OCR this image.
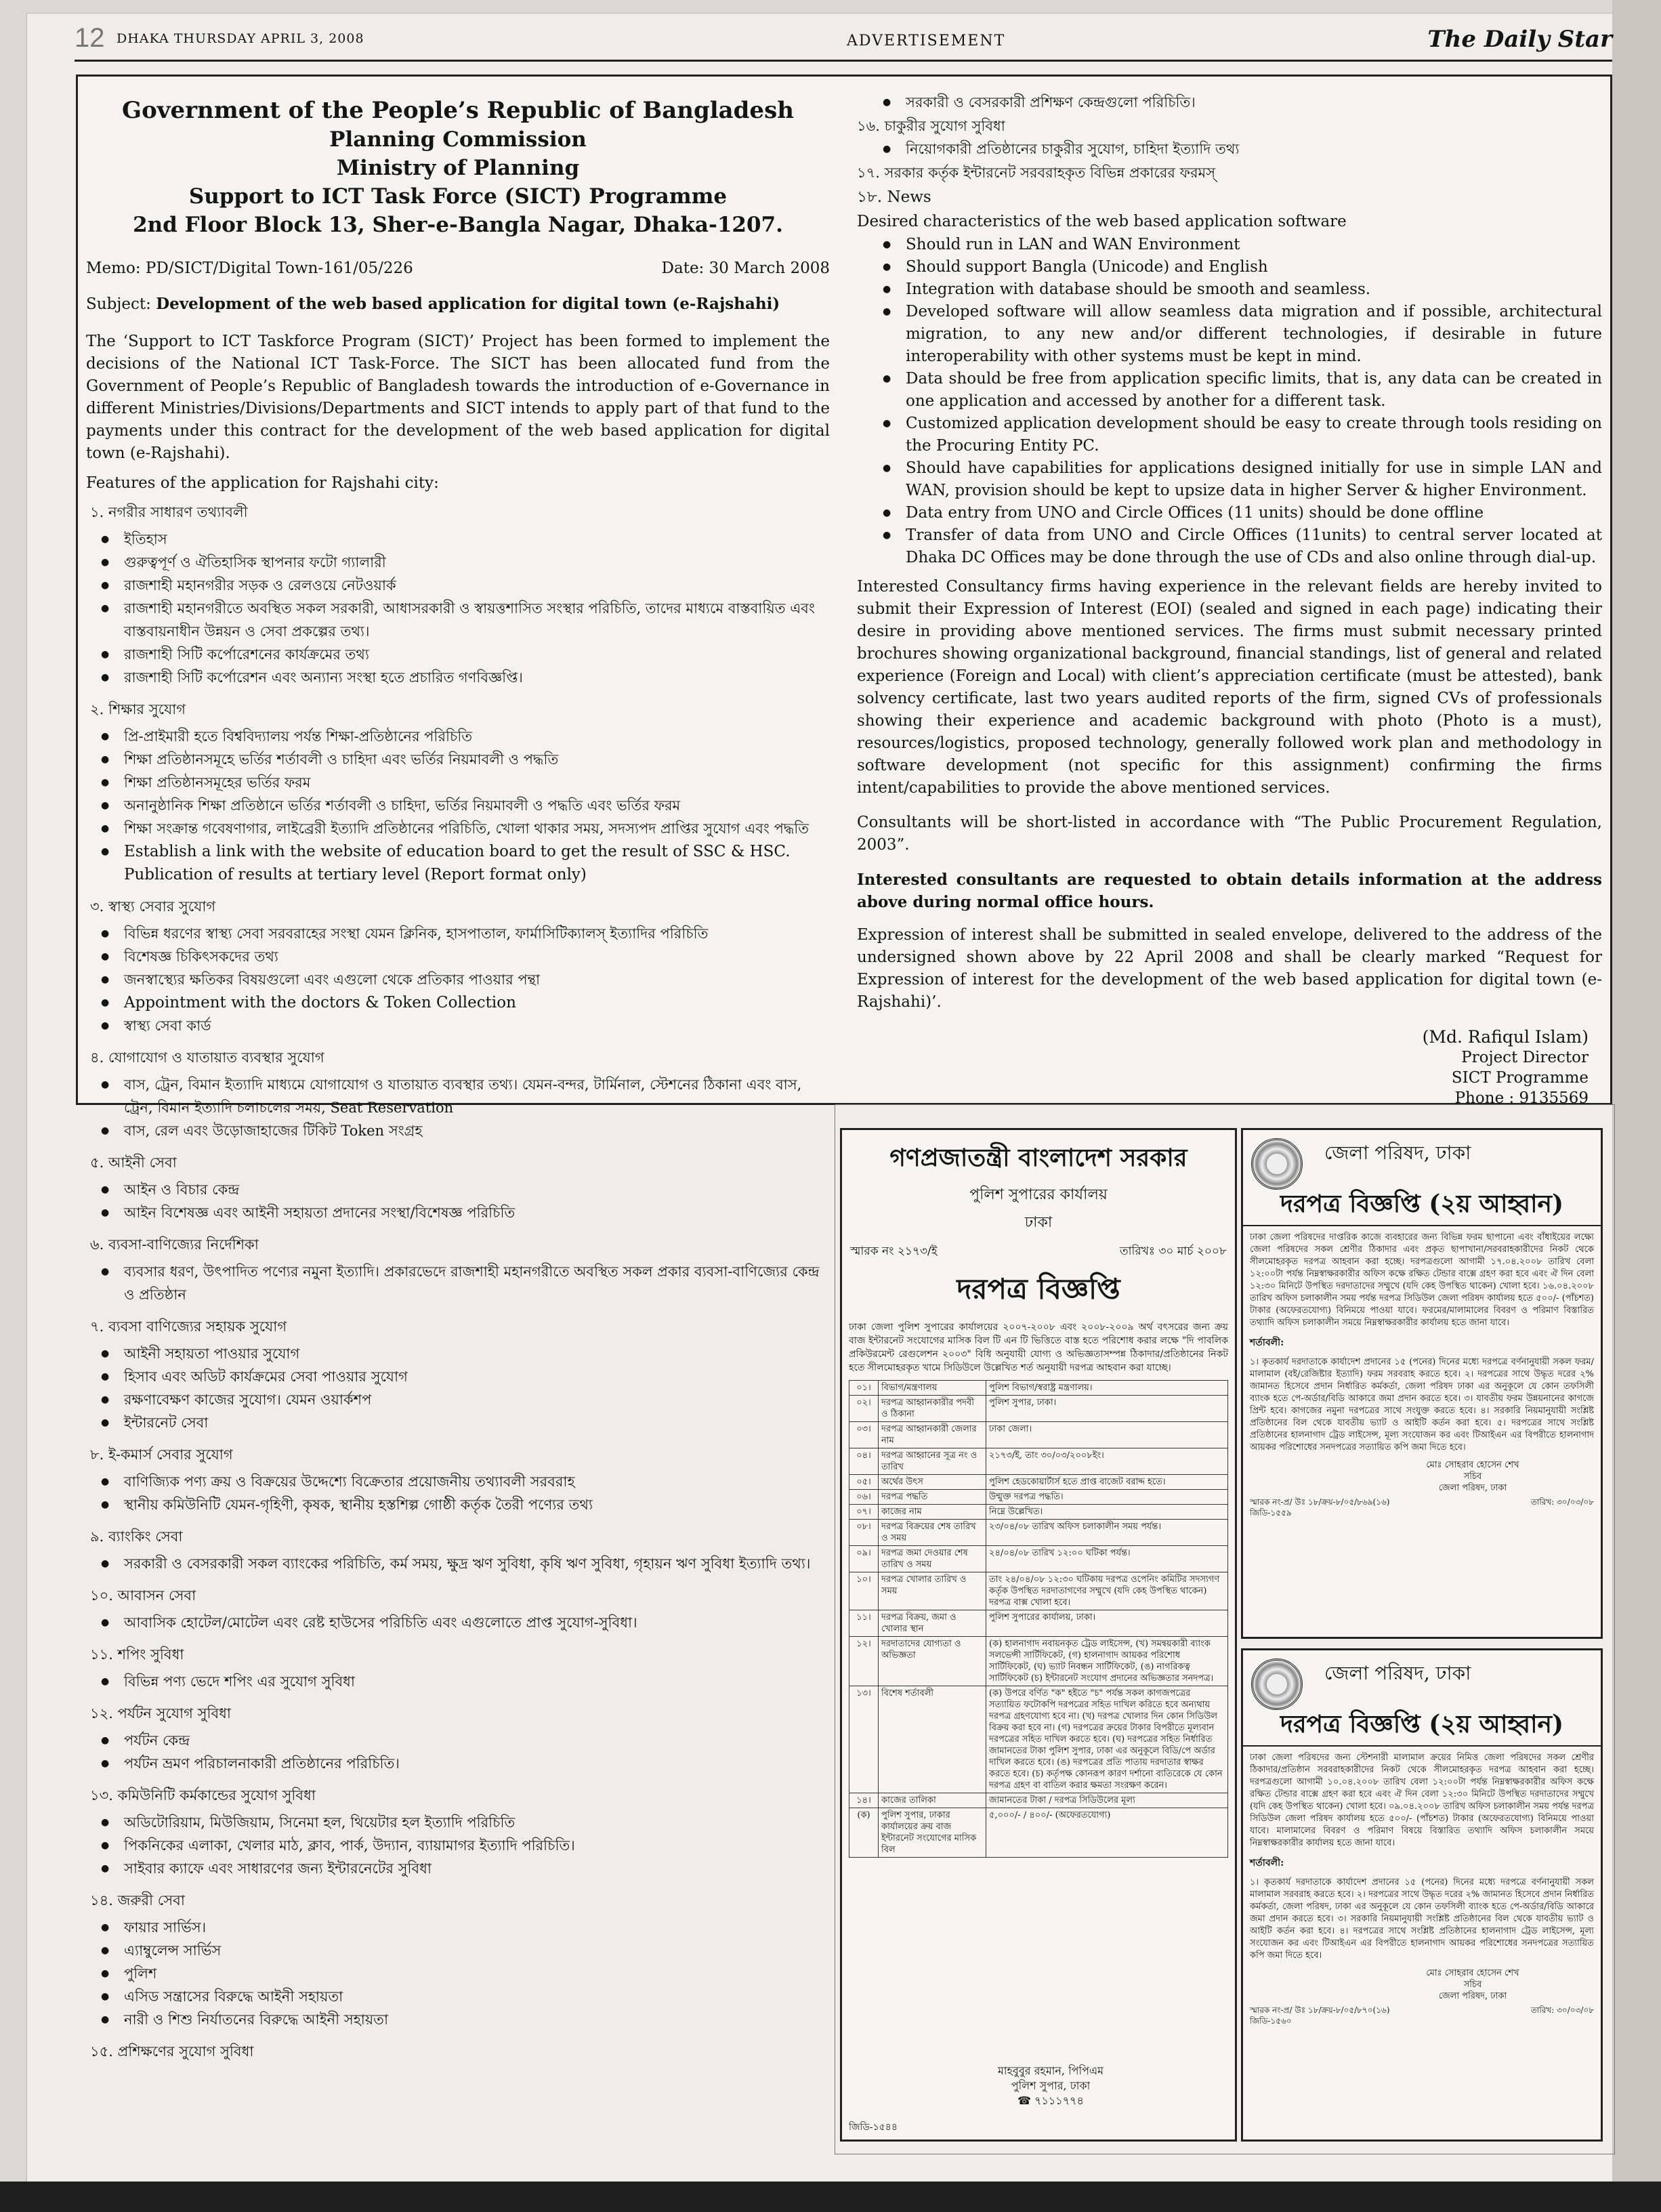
12 DHAKA THURSDAY APRIL 3, 2008	ADVERTISEMENT	The Daily Star
Government of the People’s Republic of Bangladesh
Planning Commission
Ministry of Planning
Support to ICT Task Force (SICT) Programme
2nd Floor Block 13, Sher-e-Bangla Nagar, Dhaka-1207.
Memo: PD/SICT/Digital Town-161/05/226	Date: 30 March 2008
Subject: Development of the web based application for digital town (e-Rajshahi)

The ‘Support to ICT Taskforce Program (SICT)’ Project has been formed to implement the decisions of the National ICT Task-Force. The SICT has been allocated fund from the Government of People’s Republic of Bangladesh towards the introduction of e-Governance in different Ministries/Divisions/Departments and SICT intends to apply part of that fund to the payments under this contract for the development of the web based application for digital town (e-Rajshahi).

Features of the application for Rajshahi city:
১. নগরীর সাধারণ তথ্যাবলী
● ইতিহাস
● গুরুত্বপূর্ণ ও ঐতিহাসিক স্থাপনার ফটো গ্যালারী
● রাজশাহী মহানগরীর সড়ক ও রেলওয়ে নেটওয়ার্ক
● রাজশাহী মহানগরীতে অবস্থিত সকল সরকারী, আধাসরকারী ও স্বায়ত্তশাসিত সংস্থার পরিচিতি, তাদের মাধ্যমে বাস্তবায়িত এবং বাস্তবায়নাধীন উন্নয়ন ও সেবা প্রকল্পের তথ্য।
● রাজশাহী সিটি কর্পোরেশনের কার্যক্রমের তথ্য
● রাজশাহী সিটি কর্পোরেশন এবং অন্যান্য সংস্থা হতে প্রচারিত গণবিজ্ঞপ্তি।
২. শিক্ষার সুযোগ
● প্রি-প্রাইমারী হতে বিশ্ববিদ্যালয় পর্যন্ত শিক্ষা-প্রতিষ্ঠানের পরিচিতি
● শিক্ষা প্রতিষ্ঠানসমূহে ভর্তির শর্তাবলী ও চাহিদা এবং ভর্তির নিয়মাবলী ও পদ্ধতি
● শিক্ষা প্রতিষ্ঠানসমূহের ভর্তির ফরম
● অনানুষ্ঠানিক শিক্ষা প্রতিষ্ঠানে ভর্তির শর্তাবলী ও চাহিদা, ভর্তির নিয়মাবলী ও পদ্ধতি এবং ভর্তির ফরম
● শিক্ষা সংক্রান্ত গবেষণাগার, লাইব্রেরী ইত্যাদি প্রতিষ্ঠানের পরিচিতি, খোলা থাকার সময়, সদস্যপদ প্রাপ্তির সুযোগ এবং পদ্ধতি
● Establish a link with the website of education board to get the result of SSC & HSC. Publication of results at tertiary level (Report format only)
৩. স্বাস্থ্য সেবার সুযোগ
● বিভিন্ন ধরণের স্বাস্থ্য সেবা সরবরাহের সংস্থা যেমন ক্লিনিক, হাসপাতাল, ফার্মাসিটিক্যালস্ ইত্যাদির পরিচিতি
● বিশেষজ্ঞ চিকিৎসকদের তথ্য
● জনস্বাস্থ্যের ক্ষতিকর বিষয়গুলো এবং এগুলো থেকে প্রতিকার পাওয়ার পন্থা
● Appointment with the doctors & Token Collection
● স্বাস্থ্য সেবা কার্ড
৪. যোগাযোগ ও যাতায়াত ব্যবস্থার সুযোগ
● বাস, ট্রেন, বিমান ইত্যাদি মাধ্যমে যোগাযোগ ও যাতায়াত ব্যবস্থার তথ্য। যেমন-বন্দর, টার্মিনাল, স্টেশনের ঠিকানা এবং বাস, ট্রেন, বিমান ইত্যাদি চলাচলের সময়, Seat Reservation
● বাস, রেল এবং উড়োজাহাজের টিকিট Token সংগ্রহ
৫. আইনী সেবা
● আইন ও বিচার কেন্দ্র
● আইন বিশেষজ্ঞ এবং আইনী সহায়তা প্রদানের সংস্থা/বিশেষজ্ঞ পরিচিতি
৬. ব্যবসা-বাণিজ্যের নির্দেশিকা
● ব্যবসার ধরণ, উৎপাদিত পণ্যের নমুনা ইত্যাদি। প্রকারভেদে রাজশাহী মহানগরীতে অবস্থিত সকল প্রকার ব্যবসা-বাণিজ্যের কেন্দ্র ও প্রতিষ্ঠান
৭. ব্যবসা বাণিজ্যের সহায়ক সুযোগ
● আইনী সহায়তা পাওয়ার সুযোগ
● হিসাব এবং অডিট কার্যক্রমের সেবা পাওয়ার সুযোগ
● রক্ষণাবেক্ষণ কাজের সুযোগ। যেমন ওয়ার্কশপ
● ইন্টারনেট সেবা
৮. ই-কমার্স সেবার সুযোগ
● বাণিজ্যিক পণ্য ক্রয় ও বিক্রয়ের উদ্দেশ্যে বিক্রেতার প্রয়োজনীয় তথ্যাবলী সরবরাহ
● স্থানীয় কমিউনিটি যেমন-গৃহিণী, কৃষক, স্থানীয় হস্তশিল্প গোষ্ঠী কর্তৃক তৈরী পণ্যের তথ্য
৯. ব্যাংকিং সেবা
● সরকারী ও বেসরকারী সকল ব্যাংকের পরিচিতি, কর্ম সময়, ক্ষুদ্র ঋণ সুবিধা, কৃষি ঋণ সুবিধা, গৃহায়ন ঋণ সুবিধা ইত্যাদি তথ্য।
১০. আবাসন সেবা
● আবাসিক হোটেল/মোটেল এবং রেষ্ট হাউসের পরিচিতি এবং এগুলোতে প্রাপ্ত সুযোগ-সুবিধা।
১১. শপিং সুবিধা
● বিভিন্ন পণ্য ভেদে শপিং এর সুযোগ সুবিধা
১২. পর্যটন সুযোগ সুবিধা
● পর্যটন কেন্দ্র
● পর্যটন ভ্রমণ পরিচালনাকারী প্রতিষ্ঠানের পরিচিতি।
১৩. কমিউনিটি কর্মকান্ডের সুযোগ সুবিধা
● অডিটোরিয়াম, মিউজিয়াম, সিনেমা হল, থিয়েটার হল ইত্যাদি পরিচিতি
● পিকনিকের এলাকা, খেলার মাঠ, ক্লাব, পার্ক, উদ্যান, ব্যায়ামাগর ইত্যাদি পরিচিতি।
● সাইবার ক্যাফে এবং সাধারণের জন্য ইন্টারনেটের সুবিধা
১৪. জরুরী সেবা
● ফায়ার সার্ভিস।
● এ্যাম্বুলেন্স সার্ভিস
● পুলিশ
● এসিড সন্ত্রাসের বিরুদ্ধে আইনী সহায়তা
● নারী ও শিশু নির্যাতনের বিরুদ্ধে আইনী সহায়তা
১৫. প্রশিক্ষণের সুযোগ সুবিধা
● সরকারী ও বেসরকারী প্রশিক্ষণ কেন্দ্রগুলো পরিচিতি।
১৬. চাকুরীর সুযোগ সুবিধা
● নিয়োগকারী প্রতিষ্ঠানের চাকুরীর সুযোগ, চাহিদা ইত্যাদি তথ্য
১৭. সরকার কর্তৃক ইন্টারনেট সরবরাহকৃত বিভিন্ন প্রকারের ফরমস্
১৮. News
Desired characteristics of the web based application software
● Should run in LAN and WAN Environment
● Should support Bangla (Unicode) and English
● Integration with database should be smooth and seamless.
● Developed software will allow seamless data migration and if possible, architectural migration, to any new and/or different technologies, if desirable in future interoperability with other systems must be kept in mind.
● Data should be free from application specific limits, that is, any data can be created in one application and accessed by another for a different task.
● Customized application development should be easy to create through tools residing on the Procuring Entity PC.
● Should have capabilities for applications designed initially for use in simple LAN and WAN, provision should be kept to upsize data in higher Server & higher Environment.
● Data entry from UNO and Circle Offices (11 units) should be done offline
● Transfer of data from UNO and Circle Offices (11units) to central server located at Dhaka DC Offices may be done through the use of CDs and also online through dial-up.

Interested Consultancy firms having experience in the relevant fields are hereby invited to submit their Expression of Interest (EOI) (sealed and signed in each page) indicating their desire in providing above mentioned services. The firms must submit necessary printed brochures showing organizational background, financial standings, list of general and related experience (Foreign and Local) with client’s appreciation certificate (must be attested), bank solvency certificate, last two years audited reports of the firm, signed CVs of professionals showing their experience and academic background with photo (Photo is a must), resources/logistics, proposed technology, generally followed work plan and methodology in software development (not specific for this assignment) confirming the firms intent/capabilities to provide the above mentioned services.

Consultants will be short-listed in accordance with “The Public Procurement Regulation, 2003”.

Interested consultants are requested to obtain details information at the address above during normal office hours.

Expression of interest shall be submitted in sealed envelope, delivered to the address of the undersigned shown above by 22 April 2008 and shall be clearly marked “Request for Expression of interest for the development of the web based application for digital town (e-Rajshahi)’.

(Md. Rafiqul Islam)
Project Director
SICT Programme
Phone : 9135569
গণপ্রজাতন্ত্রী বাংলাদেশ সরকার
পুলিশ সুপারের কার্যালয়
ঢাকা
স্মারক নং ২১৭৩/ই	তারিখঃ ৩০ মার্চ ২০০৮
দরপত্র বিজ্ঞপ্তি
ঢাকা জেলা পুলিশ সুপারের কার্যালয়ের ২০০৭-২০০৮ এবং ২০০৮-২০০৯ অর্থ বৎসরের জন্য ক্রয় বাজ ইন্টারনেট সংযোগের মাসিক বিল টি এন টি ভিত্তিতে বাস্ত হতে পরিশোধ করার লক্ষে "দি পাবলিক প্রকিউরমেন্ট রেগুলেশন ২০০৩" বিধি অনুযায়ী যোগ্য ও অভিজ্ঞতাসম্পন্ন ঠিকাদার/প্রতিষ্ঠানের নিকট হতে সীলমোহরকৃত খামে সিডিউলে উল্লেখিত শর্ত অনুযায়ী দরপত্র আহবান করা যাচ্ছে।
০১।	বিভাগ/মন্ত্রণালয়	পুলিশ বিভাগ/স্বরাষ্ট্র মন্ত্রণালয়।
০২।	দরপত্র আহ্বানকারীর পদবী ও ঠিকানা	পুলিশ সুপার, ঢাকা।
০৩।	দরপত্র আহ্বানকারী জেলার নাম	ঢাকা জেলা।
০৪।	দরপত্র আহ্বানের সূত্র নং ও তারিখ	২১৭৩/ই, তাং ৩০/০৩/২০০৮ইং।
০৫।	অর্থের উৎস	পুলিশ হেডকোয়ার্টার্স হতে প্রাপ্ত বাজেট বরাদ্দ হতে।
০৬।	দরপত্র পদ্ধতি	উন্মুক্ত দরপত্র পদ্ধতি।
০৭।	কাজের নাম	নিম্নে উল্লেখিত।
০৮।	দরপত্র বিক্রয়ের শেষ তারিখ ও সময়	২৩/০৪/০৮ তারিখ অফিস চলাকালীন সময় পর্যন্ত।
০৯।	দরপত্র জমা দেওয়ার শেষ তারিখ ও সময়	২৪/০৪/০৮ তারিখ ১২:০০ ঘটিকা পর্যন্ত।
১০।	দরপত্র খোলার তারিখ ও সময়	তাং ২৪/০৪/০৮ ১২:৩০ ঘটিকায় দরপত্র ওপেনিং কমিটির সদস্যগণ কর্তৃক উপস্থিত দরদাতাগণের সম্মুখে (যদি কেহ উপস্থিত থাকেন) দরপত্র বাক্স খোলা হবে।
১১।	দরপত্র বিক্রয়, জমা ও খোলার স্থান	পুলিশ সুপারের কার্যালয়, ঢাকা।
১২।	দরদাতাদের যোগ্যতা ও অভিজ্ঞতা	(ক) হালনাগাদ নবায়নকৃত ট্রেড লাইসেন্স, (খ) সমন্বয়কারী ব্যাংক সলভেন্সী সার্টিফিকেট, (গ) হালনাগাদ আয়কর পরিশোধ সার্টিফিকেট, (ঘ) ভ্যাট নিবন্ধন সার্টিফিকেট, (ঙ) নাগরিকত্ব সার্টিফিকেট (চ) ইন্টারনেট সংযোগ প্রদানের অভিজ্ঞতার সনদপত্র।
১৩।	বিশেষ শর্তাবলী	(ক) উপরে বর্ণিত "ক" হইতে "চ" পর্যন্ত সকল কাগজপত্রের সত্যায়িত ফটোকপি দরপত্রের সহিত দাখিল করিতে হবে অন্যথায় দরপত্র গ্রহণযোগ্য হবে না। (খ) দরপত্র খোলার দিন কোন সিডিউল বিক্রয় করা হবে না। (গ) দরপত্রের ক্রয়ের টাকার বিপরীতে মূল্যবান দরপত্রের সহিত দাখিল করতে হবে। (ঘ) দরপত্রের সহিত নির্ধারিত জামানতের টাকা পুলিশ সুপার, ঢাকা এর অনুকূলে বিডি/পে অর্ডার দাখিল করতে হবে। (ঙ) দরপত্রের প্রতি পাতায় দরদাতার স্বাক্ষর করতে হবে। (চ) কর্তৃপক্ষ কোনরূপ কারণ দর্শানো ব্যতিরেকে যে কোন দরপত্র গ্রহণ বা বাতিল করার ক্ষমতা সংরক্ষণ করেন।
১৪।	কাজের তালিকা	জামানতের টাকা / দরপত্র সিডিউলের মূল্য
(ক)	পুলিশ সুপার, ঢাকার কার্যালয়ের ক্রয় বাজ ইন্টারনেট সংযোগের মাসিক বিল	৫,০০০/- / ৪০০/- (অফেরতযোগ্য)
মাহবুবুর রহমান, পিপিএম
পুলিশ সুপার, ঢাকা
☎ ৭১১১৭৭৪
জিডি-১৫৪৪
জেলা পরিষদ, ঢাকা
দরপত্র বিজ্ঞপ্তি (২য় আহ্বান)
ঢাকা জেলা পরিষদের দাপ্তরিক কাজে ব্যবহারের জন্য বিভিন্ন ফরম ছাপানো এবং বাঁধাইয়ের লক্ষ্যে জেলা পরিষদের সকল শ্রেণীর ঠিকাদার এবং প্রকৃত ছাপাখানা/সরবরাহকারীদের নিকট থেকে সীলমোহরকৃত দরপত্র আহবান করা হচ্ছে। দরপত্রগুলো আগামী ১৭.০৪.২০০৮ তারিখ বেলা ১২:০০টা পর্যন্ত নিম্নস্বাক্ষরকারীর অফিস কক্ষে রক্ষিত টেন্ডার বাক্সে গ্রহণ করা হবে এবং ঐ দিন বেলা ১২:৩০ মিনিটে উপস্থিত দরদাতাদের সম্মুখে (যদি কেহ উপস্থিত থাকেন) খোলা হবে। ১৬.০৪.২০০৮ তারিখ অফিস চলাকালীন সময় পর্যন্ত দরপত্র সিডিউল জেলা পরিষদ কার্যালয় হতে ৫০০/- (পাঁচশত) টাকার (অফেরতযোগ্য) বিনিময়ে পাওয়া যাবে। ফরমের/মালামালের বিবরণ ও পরিমাণ বিস্তারিত তথ্যাদি অফিস চলাকালীন সময়ে নিম্নস্বাক্ষরকারীর কার্যালয় হতে জানা যাবে।
শর্তাবলী:
১। কৃতকার্য দরদাতাকে কার্যাদেশ প্রদানের ১৫ (পনের) দিনের মধ্যে দরপত্রে বর্ণনানুযায়ী সকল ফরম/মালামাল (বই/রেজিষ্টার ইত্যাদি) ফরম সরবরাহ করতে হবে। ২। দরপত্রের সাথে উদ্ধৃত দরের ২% জামানত হিসেবে প্রদান নির্ধারিত কর্মকর্তা, জেলা পরিষদ ঢাকা এর অনুকূলে যে কোন তফসিলী ব্যাংক হতে পে-অর্ডার/বিডি আকারে জমা প্রদান করতে হবে। ৩। যাবতীয় ফরম উন্নয়নানের কাগজে প্রিন্ট হবে। কাগজের নমুনা দরপত্রের সাথে সংযুক্ত করতে হবে। ৪। সরকারি নিয়মানুযায়ী সংশ্লিষ্ট প্রতিষ্ঠানের বিল থেকে যাবতীয় ভ্যাট ও আইটি কর্তন করা হবে। ৫। দরপত্রের সাথে সংশ্লিষ্ট প্রতিষ্ঠানের হালনাগাদ ট্রেড লাইসেন্স, মূল্য সংযোজন কর এবং টিআইএন এর বিপরীতে হালনাগাদ আয়কর পরিশোধের সনদপত্রের সত্যায়িত কপি জমা দিতে হবে।
মোঃ সোহরাব হোসেন শেখ
সচিব
জেলা পরিষদ, ঢাকা
স্মারক নং-প্র/ উঃ ১৮/ক্রয়-৮/০৫/৮৬৯(১৬)	তারিখ: ৩০/০৩/০৮
জিডি-১৫৫৯
জেলা পরিষদ, ঢাকা
দরপত্র বিজ্ঞপ্তি (২য় আহ্বান)
ঢাকা জেলা পরিষদের জন্য স্টেশনারী মালামাল ক্রয়ের নিমিত্ত জেলা পরিষদের সকল শ্রেণীর ঠিকাদার/প্রতিষ্ঠান সরবরাহকারীদের নিকট থেকে সীলমোহরকৃত দরপত্র আহবান করা হচ্ছে। দরপত্রগুলো আগামী ১০.০৪.২০০৮ তারিখ বেলা ১২:০০টা পর্যন্ত নিম্নস্বাক্ষরকারীর অফিস কক্ষে রক্ষিত টেন্ডার বাক্সে গ্রহণ করা হবে এবং ঐ দিন বেলা ১২:৩০ মিনিটে উপস্থিত দরদাতাদের সম্মুখে (যদি কেহ উপস্থিত থাকেন) খোলা হবে। ০৯.০৪.২০০৮ তারিখ অফিস চলাকালীন সময় পর্যন্ত দরপত্র সিডিউল জেলা পরিষদ কার্যালয় হতে ৫০০/- (পাঁচশত) টাকার (অফেরতযোগ্য) বিনিময়ে পাওয়া যাবে। মালামালের বিবরণ ও পরিমাণ বিষয়ে বিস্তারিত তথ্যাদি অফিস চলাকালীন সময়ে নিম্নস্বাক্ষরকারীর কার্যালয় হতে জানা যাবে।
শর্তাবলী:
১। কৃতকার্য দরদাতাকে কার্যাদেশ প্রদানের ১৫ (পনের) দিনের মধ্যে দরপত্রে বর্ণনানুযায়ী সকল মালামাল সরবরাহ করতে হবে। ২। দরপত্রের সাথে উদ্ধৃত দরের ২% জামানত হিসেবে প্রদান নির্ধারিত কর্মকর্তা, জেলা পরিষদ, ঢাকা এর অনুকূলে যে কোন তফসিলী ব্যাংক হতে পে-অর্ডার/বিডি আকারে জমা প্রদান করতে হবে। ৩। সরকারি নিয়মানুযায়ী সংশ্লিষ্ট প্রতিষ্ঠানের বিল থেকে যাবতীয় ভ্যাট ও আইটি কর্তন করা হবে। ৪। দরপত্রের সাথে সংশ্লিষ্ট প্রতিষ্ঠানের হালনাগাদ ট্রেড লাইসেন্স, মূল্য সংযোজন কর এবং টিআইএন এর বিপরীতে হালনাগাদ আয়কর পরিশোধের সনদপত্রের সত্যায়িত কপি জমা দিতে হবে।
মোঃ সোহরাব হোসেন শেখ
সচিব
জেলা পরিষদ, ঢাকা
স্মারক নং-প্র/ উঃ ১৮/ক্রয়-৮/০৫/৮৭০(১৬)	তারিখ: ৩০/০৩/০৮
জিডি-১৫৬০
